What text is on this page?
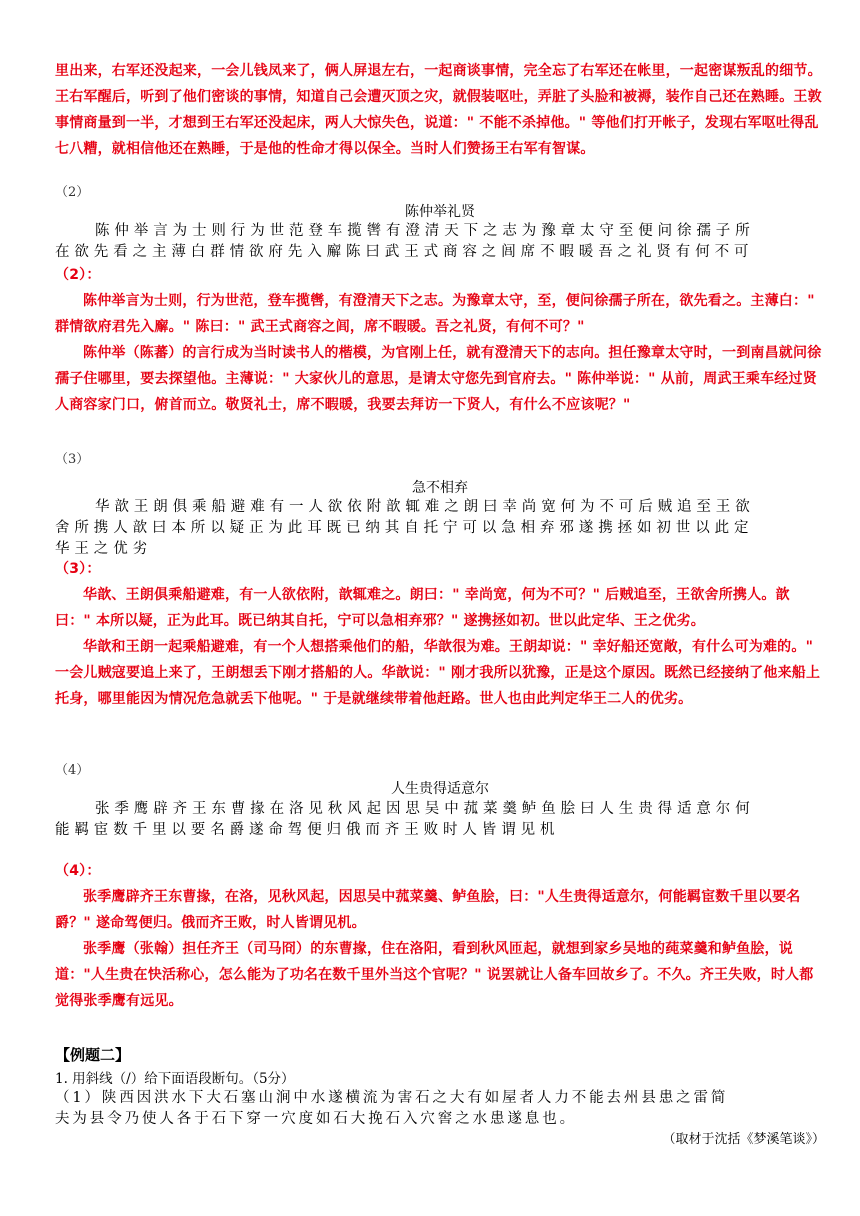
里出来，右军还没起来，一会儿钱凤来了，俩人屏退左右，一起商谈事情，完全忘了右军还在帐里，一起密谋叛乱的细节。王右军醒后，听到了他们密谈的事情，知道自己会遭灭顶之灾，就假装呕吐，弄脏了头脸和被褥，装作自己还在熟睡。王敦事情商量到一半，才想到王右军还没起床，两人大惊失色，说道：" 不能不杀掉他。" 等他们打开帐子，发现右军呕吐得乱七八糟，就相信他还在熟睡，于是他的性命才得以保全。当时人们赞扬王右军有智谋。

（2）
陈仲举礼贤

陈仲举言为士则行为世范登车揽辔有澄清天下之志为豫章太守至便问徐孺子所

在欲先看之主薄白群情欲府先入廨陈曰武王式商容之闾席不暇暖吾之礼贤有何不可

（2）：

陈仲举言为士则，行为世范，登车揽辔，有澄清天下之志。为豫章太守，至，便问徐孺子所在，欲先看之。主薄白：" 群情欲府君先入廨。" 陈曰：" 武王式商容之闾，席不暇暖。吾之礼贤，有何不可？"

陈仲举（陈蕃）的言行成为当时读书人的楷模，为官刚上任，就有澄清天下的志向。担任豫章太守时，一到南昌就问徐孺子住哪里，要去探望他。主薄说：" 大家伙儿的意思，是请太守您先到官府去。" 陈仲举说：" 从前，周武王乘车经过贤人商容家门口，俯首而立。敬贤礼士，席不暇暖，我要去拜访一下贤人，有什么不应该呢？"

（3）
急不相弃

华歆王朗俱乘船避难有一人欲依附歆辄难之朗曰幸尚宽何为不可后贼追至王欲

舍所携人歆曰本所以疑正为此耳既已纳其自托宁可以急相弃邪遂携拯如初世以此定

华王之优劣

（3）：

华歆、王朗俱乘船避难，有一人欲依附，歆辄难之。朗曰：" 幸尚宽，何为不可？" 后贼追至，王欲舍所携人。歆曰：" 本所以疑，正为此耳。既已纳其自托，宁可以急相弃邪？" 遂携拯如初。世以此定华、王之优劣。

华歆和王朗一起乘船避难，有一个人想搭乘他们的船，华歆很为难。王朗却说：" 幸好船还宽敞，有什么可为难的。" 一会儿贼寇要追上来了，王朗想丢下刚才搭船的人。华歆说：" 刚才我所以犹豫，正是这个原因。既然已经接纳了他来船上托身，哪里能因为情况危急就丢下他呢。" 于是就继续带着他赶路。世人也由此判定华王二人的优劣。

（4）
人生贵得适意尔

张季鹰辟齐王东曹掾在洛见秋风起因思吴中菰菜羹鲈鱼脍曰人生贵得适意尔何

能羁宦数千里以要名爵遂命驾便归俄而齐王败时人皆谓见机

（4）：

张季鹰辟齐王东曹掾，在洛，见秋风起，因思吴中菰菜羹、鲈鱼脍，曰："人生贵得适意尔，何能羁宦数千里以要名爵？" 遂命驾便归。俄而齐王败，时人皆谓见机。

张季鹰（张翰）担任齐王（司马冏）的东曹掾，住在洛阳，看到秋风匝起，就想到家乡吴地的莼菜羹和鲈鱼脍，说道："人生贵在快活称心，怎么能为了功名在数千里外当这个官呢？" 说罢就让人备车回故乡了。不久。齐王失败，时人都觉得张季鹰有远见。

【例题二】
1. 用斜线（/）给下面语段断句。（5分）

（1）陕西因洪水下大石塞山涧中水遂横流为害石之大有如屋者人力不能去州县患之雷简

夫为县令乃使人各于石下穿一穴度如石大挽石入穴窖之水患遂息也。

（取材于沈括《梦溪笔谈》）
